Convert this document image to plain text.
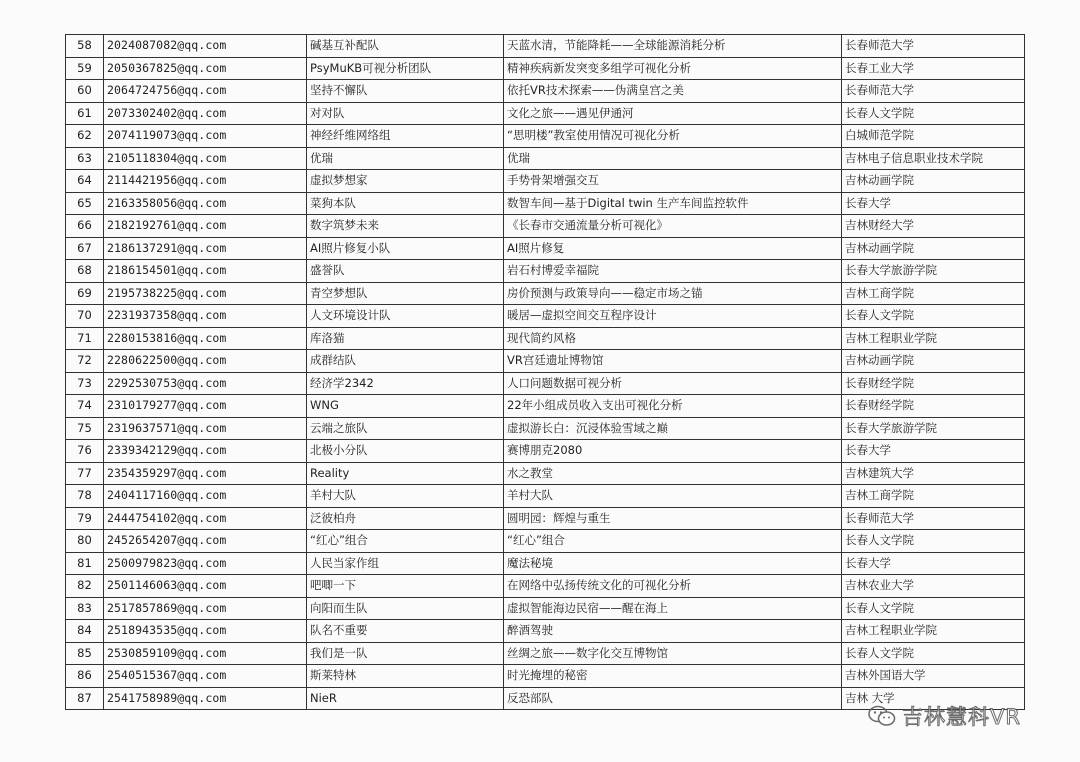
58	2024087082@qq.com	碱基互补配队	天蓝水清，节能降耗——全球能源消耗分析	长春师范大学
59	2050367825@qq.com	PsyMuKB可视分析团队	精神疾病新发突变多组学可视化分析	长春工业大学
60	2064724756@qq.com	坚持不懈队	依托VR技术探索——伪满皇宫之美	长春师范大学
61	2073302402@qq.com	对对队	文化之旅——遇见伊通河	长春人文学院
62	2074119073@qq.com	神经纤维网络组	“思明楼”教室使用情况可视化分析	白城师范学院
63	2105118304@qq.com	优瑞	优瑞	吉林电子信息职业技术学院
64	2114421956@qq.com	虚拟梦想家	手势骨架增强交互	吉林动画学院
65	2163358056@qq.com	菜狗本队	数智车间—基于Digital twin 生产车间监控软件	长春大学
66	2182192761@qq.com	数字筑梦未来	《长春市交通流量分析可视化》	吉林财经大学
67	2186137291@qq.com	AI照片修复小队	AI照片修复	吉林动画学院
68	2186154501@qq.com	盛誉队	岩石村博爱幸福院	长春大学旅游学院
69	2195738225@qq.com	青空梦想队	房价预测与政策导向——稳定市场之锚	吉林工商学院
70	2231937358@qq.com	人文环境设计队	暖居—虚拟空间交互程序设计	长春人文学院
71	2280153816@qq.com	库洛猫	现代简约风格	吉林工程职业学院
72	2280622500@qq.com	成群结队	VR宫廷遗址博物馆	吉林动画学院
73	2292530753@qq.com	经济学2342	人口问题数据可视分析	长春财经学院
74	2310179277@qq.com	WNG	22年小组成员收入支出可视化分析	长春财经学院
75	2319637571@qq.com	云端之旅队	虚拟游长白：沉浸体验雪域之巅	长春大学旅游学院
76	2339342129@qq.com	北极小分队	赛博朋克2080	长春大学
77	2354359297@qq.com	Reality	水之教堂	吉林建筑大学
78	2404117160@qq.com	羊村大队	羊村大队	吉林工商学院
79	2444754102@qq.com	泛彼柏舟	圆明园：辉煌与重生	长春师范大学
80	2452654207@qq.com	“红心”组合	“红心”组合	长春人文学院
81	2500979823@qq.com	人民当家作组	魔法秘境	长春大学
82	2501146063@qq.com	吧唧一下	在网络中弘扬传统文化的可视化分析	吉林农业大学
83	2517857869@qq.com	向阳而生队	虚拟智能海边民宿——醒在海上	长春人文学院
84	2518943535@qq.com	队名不重要	醉酒驾驶	吉林工程职业学院
85	2530859109@qq.com	我们是一队	丝绸之旅——数字化交互博物馆	长春人文学院
86	2540515367@qq.com	斯莱特林	时光掩埋的秘密	吉林外国语大学
87	2541758989@qq.com	NieR	反恐部队	吉林 大学
吉林慧科VR
